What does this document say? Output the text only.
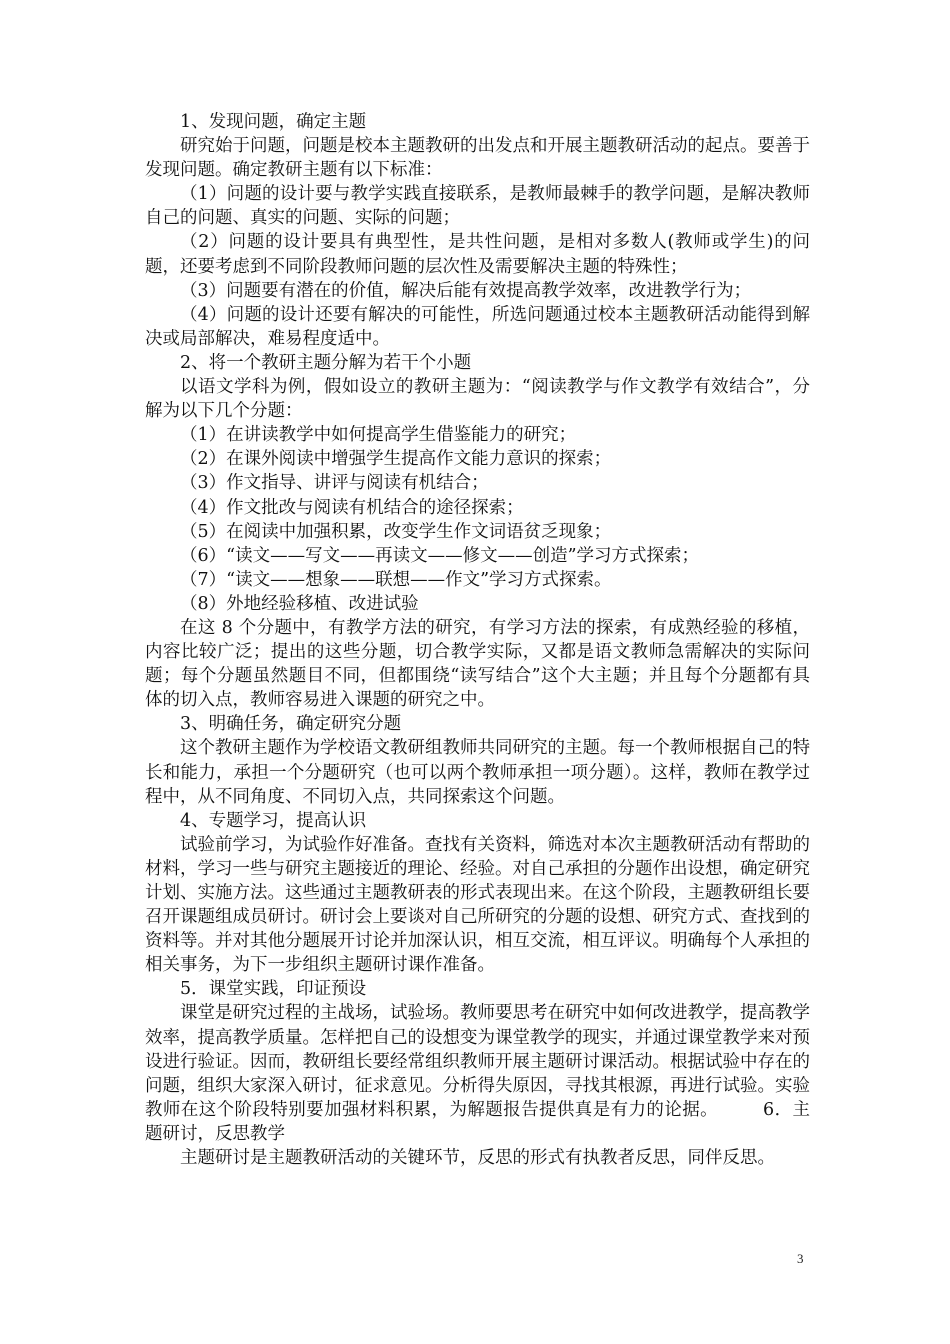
1、发现问题，确定主题

研究始于问题，问题是校本主题教研的出发点和开展主题教研活动的起点。要善于发现问题。确定教研主题有以下标准：

（1）问题的设计要与教学实践直接联系，是教师最棘手的教学问题，是解决教师自己的问题、真实的问题、实际的问题；

（2）问题的设计要具有典型性，是共性问题，是相对多数人(教师或学生)的问题，还要考虑到不同阶段教师问题的层次性及需要解决主题的特殊性；

（3）问题要有潜在的价值，解决后能有效提高教学效率，改进教学行为；

（4）问题的设计还要有解决的可能性，所选问题通过校本主题教研活动能得到解决或局部解决，难易程度适中。

2、将一个教研主题分解为若干个小题

以语文学科为例，假如设立的教研主题为：“阅读教学与作文教学有效结合”，分解为以下几个分题：

（1）在讲读教学中如何提高学生借鉴能力的研究；

（2）在课外阅读中增强学生提高作文能力意识的探索；

（3）作文指导、讲评与阅读有机结合；

（4）作文批改与阅读有机结合的途径探索；

（5）在阅读中加强积累，改变学生作文词语贫乏现象；

（6）“读文——写文——再读文——修文——创造”学习方式探索；

（7）“读文——想象——联想——作文”学习方式探索。

（8）外地经验移植、改进试验

在这 8 个分题中，有教学方法的研究，有学习方法的探索，有成熟经验的移植，内容比较广泛；提出的这些分题，切合教学实际，又都是语文教师急需解决的实际问题；每个分题虽然题目不同，但都围绕“读写结合”这个大主题；并且每个分题都有具体的切入点，教师容易进入课题的研究之中。

3、明确任务，确定研究分题

这个教研主题作为学校语文教研组教师共同研究的主题。每一个教师根据自己的特长和能力，承担一个分题研究（也可以两个教师承担一项分题）。这样，教师在教学过程中，从不同角度、不同切入点，共同探索这个问题。

4、专题学习，提高认识

试验前学习，为试验作好准备。查找有关资料，筛选对本次主题教研活动有帮助的材料，学习一些与研究主题接近的理论、经验。对自己承担的分题作出设想，确定研究计划、实施方法。这些通过主题教研表的形式表现出来。在这个阶段，主题教研组长要召开课题组成员研讨。研讨会上要谈对自己所研究的分题的设想、研究方式、查找到的资料等。并对其他分题展开讨论并加深认识，相互交流，相互评议。明确每个人承担的相关事务，为下一步组织主题研讨课作准备。

5．课堂实践，印证预设

课堂是研究过程的主战场，试验场。教师要思考在研究中如何改进教学，提高教学效率，提高教学质量。怎样把自己的设想变为课堂教学的现实，并通过课堂教学来对预设进行验证。因而，教研组长要经常组织教师开展主题研讨课活动。根据试验中存在的问题，组织大家深入研讨，征求意见。分析得失原因，寻找其根源，再进行试验。实验教师在这个阶段特别要加强材料积累，为解题报告提供真是有力的论据。　　　6．主题研讨，反思教学

主题研讨是主题教研活动的关键环节，反思的形式有执教者反思，同伴反思。

3
